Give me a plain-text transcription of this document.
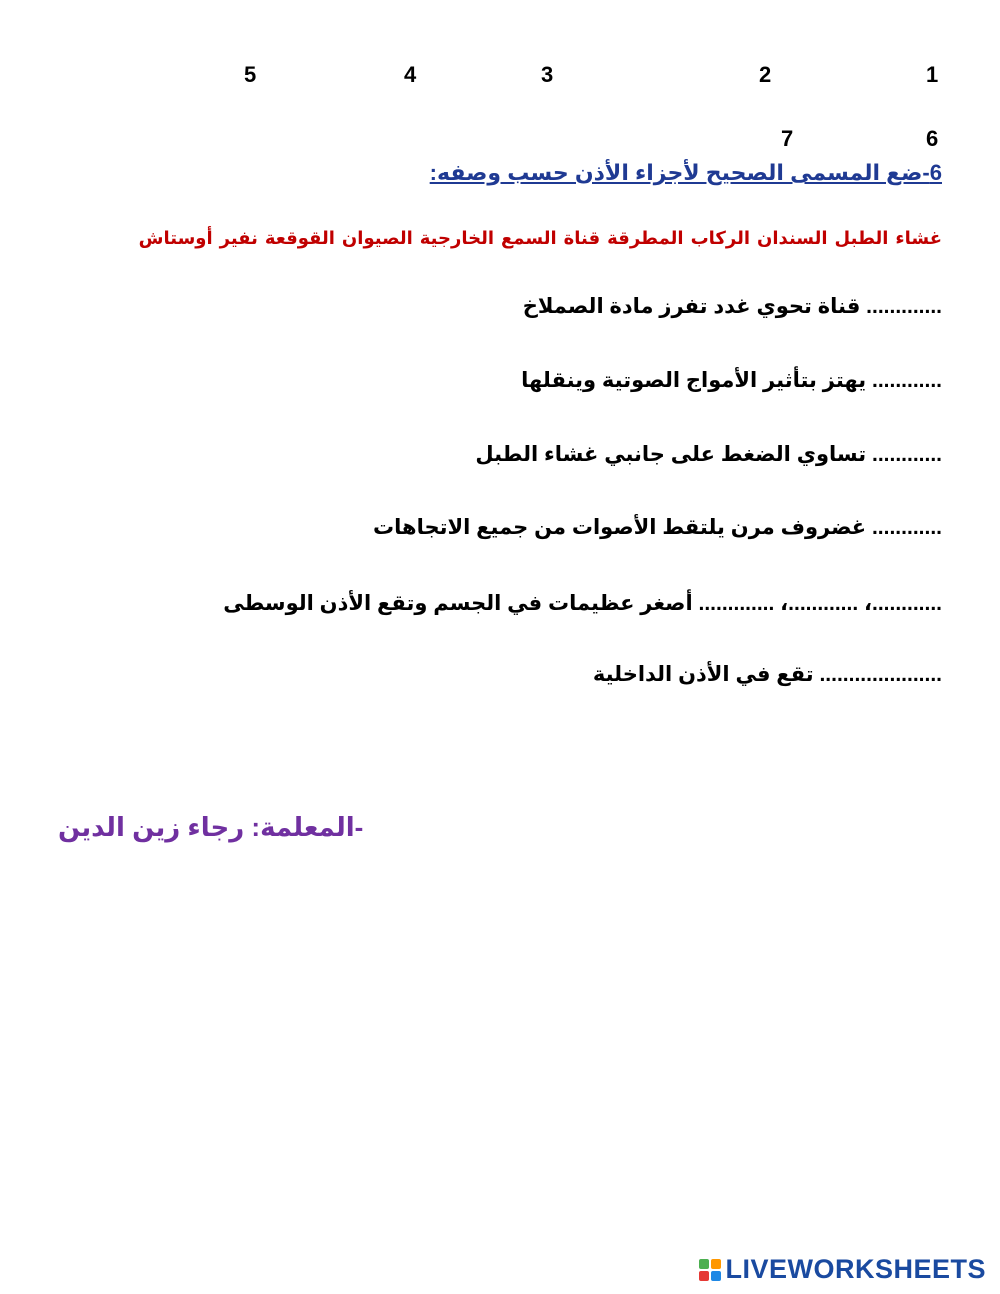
1
2
3
4
5
6
7
6-ضع المسمى الصحيح لأجزاء الأذن حسب وصفه:
غشاء الطبل السندان الركاب المطرقة قناة السمع الخارجية الصيوان القوقعة نفير أوستاش
............. قناة تحوي غدد تفرز مادة الصملاخ
............ يهتز بتأثير الأمواج الصوتية وينقلها
............ تساوي الضغط على جانبي غشاء الطبل
............ غضروف مرن يلتقط الأصوات من جميع الاتجاهات
............، ............، ............. أصغر عظيمات في الجسم وتقع الأذن الوسطى
..................... تقع في الأذن الداخلية
-المعلمة: رجاء زين الدين
LIVEWORKSHEETS
